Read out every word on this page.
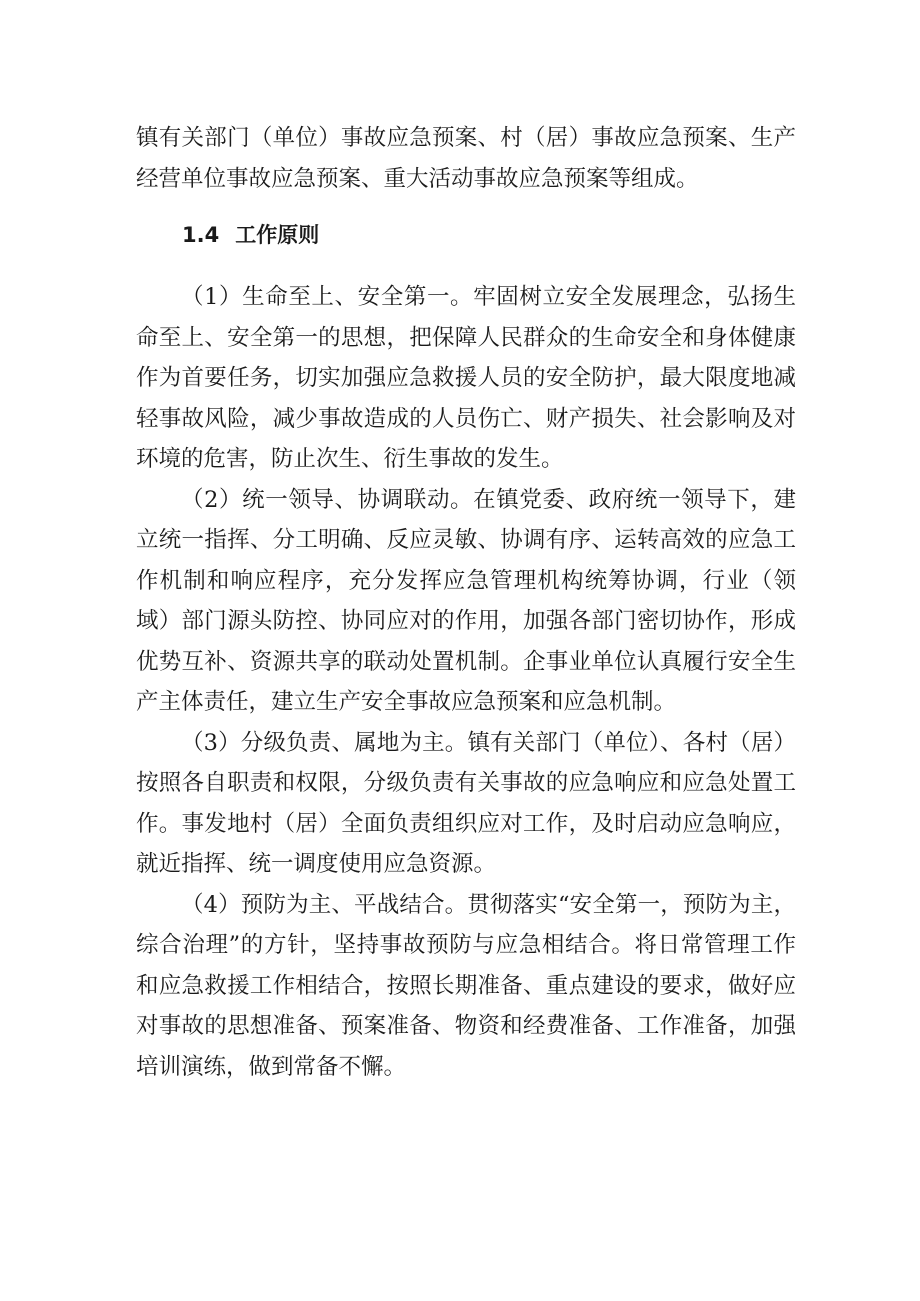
镇有关部门（单位）事故应急预案、村（居）事故应急预案、生产经营单位事故应急预案、重大活动事故应急预案等组成。

1.4 工作原则

（1）生命至上、安全第一。牢固树立安全发展理念，弘扬生命至上、安全第一的思想，把保障人民群众的生命安全和身体健康作为首要任务，切实加强应急救援人员的安全防护，最大限度地减轻事故风险，减少事故造成的人员伤亡、财产损失、社会影响及对环境的危害，防止次生、衍生事故的发生。

（2）统一领导、协调联动。在镇党委、政府统一领导下，建立统一指挥、分工明确、反应灵敏、协调有序、运转高效的应急工作机制和响应程序，充分发挥应急管理机构统筹协调，行业（领域）部门源头防控、协同应对的作用，加强各部门密切协作，形成优势互补、资源共享的联动处置机制。企事业单位认真履行安全生产主体责任，建立生产安全事故应急预案和应急机制。

（3）分级负责、属地为主。镇有关部门（单位）、各村（居）按照各自职责和权限，分级负责有关事故的应急响应和应急处置工作。事发地村（居）全面负责组织应对工作，及时启动应急响应，就近指挥、统一调度使用应急资源。

（4）预防为主、平战结合。贯彻落实“安全第一，预防为主，综合治理”的方针，坚持事故预防与应急相结合。将日常管理工作和应急救援工作相结合，按照长期准备、重点建设的要求，做好应对事故的思想准备、预案准备、物资和经费准备、工作准备，加强培训演练，做到常备不懈。
